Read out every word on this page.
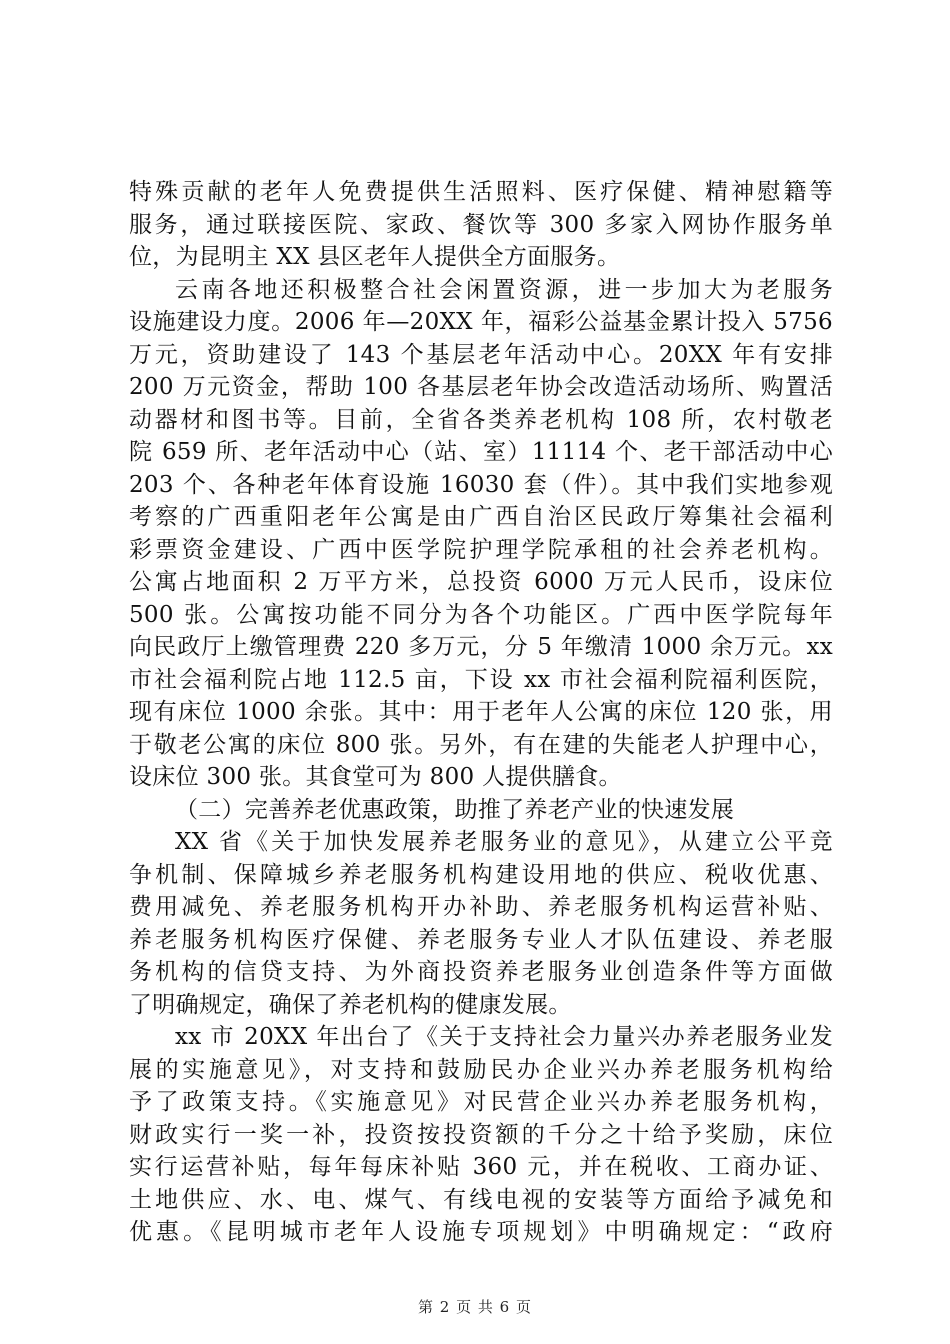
特殊贡献的老年人免费提供生活照料、医疗保健、精神慰籍等
服务，通过联接医院、家政、餐饮等 300 多家入网协作服务单
位，为昆明主 XX 县区老年人提供全方面服务。
云南各地还积极整合社会闲置资源，进一步加大为老服务
设施建设力度。2006 年—20XX 年，福彩公益基金累计投入 5756
万元，资助建设了 143 个基层老年活动中心。20XX 年有安排
200 万元资金，帮助 100 各基层老年协会改造活动场所、购置活
动器材和图书等。目前，全省各类养老机构 108 所，农村敬老
院 659 所、老年活动中心（站、室）11114 个、老干部活动中心
203 个、各种老年体育设施 16030 套（件）。其中我们实地参观
考察的广西重阳老年公寓是由广西自治区民政厅筹集社会福利
彩票资金建设、广西中医学院护理学院承租的社会养老机构。
公寓占地面积 2 万平方米，总投资 6000 万元人民币，设床位
500 张。公寓按功能不同分为各个功能区。广西中医学院每年
向民政厅上缴管理费 220 多万元，分 5 年缴清 1000 余万元。xx
市社会福利院占地 112.5 亩，下设 xx 市社会福利院福利医院，
现有床位 1000 余张。其中：用于老年人公寓的床位 120 张，用
于敬老公寓的床位 800 张。另外，有在建的失能老人护理中心，
设床位 300 张。其食堂可为 800 人提供膳食。
（二）完善养老优惠政策，助推了养老产业的快速发展
XX 省《关于加快发展养老服务业的意见》，从建立公平竞
争机制、保障城乡养老服务机构建设用地的供应、税收优惠、
费用减免、养老服务机构开办补助、养老服务机构运营补贴、
养老服务机构医疗保健、养老服务专业人才队伍建设、养老服
务机构的信贷支持、为外商投资养老服务业创造条件等方面做
了明确规定，确保了养老机构的健康发展。
xx 市 20XX 年出台了《关于支持社会力量兴办养老服务业发
展的实施意见》，对支持和鼓励民办企业兴办养老服务机构给
予了政策支持。《实施意见》对民营企业兴办养老服务机构，
财政实行一奖一补，投资按投资额的千分之十给予奖励，床位
实行运营补贴，每年每床补贴 360 元，并在税收、工商办证、
土地供应、水、电、煤气、有线电视的安装等方面给予减免和
优惠。《昆明城市老年人设施专项规划》中明确规定：“政府
第 2 页 共 6 页
